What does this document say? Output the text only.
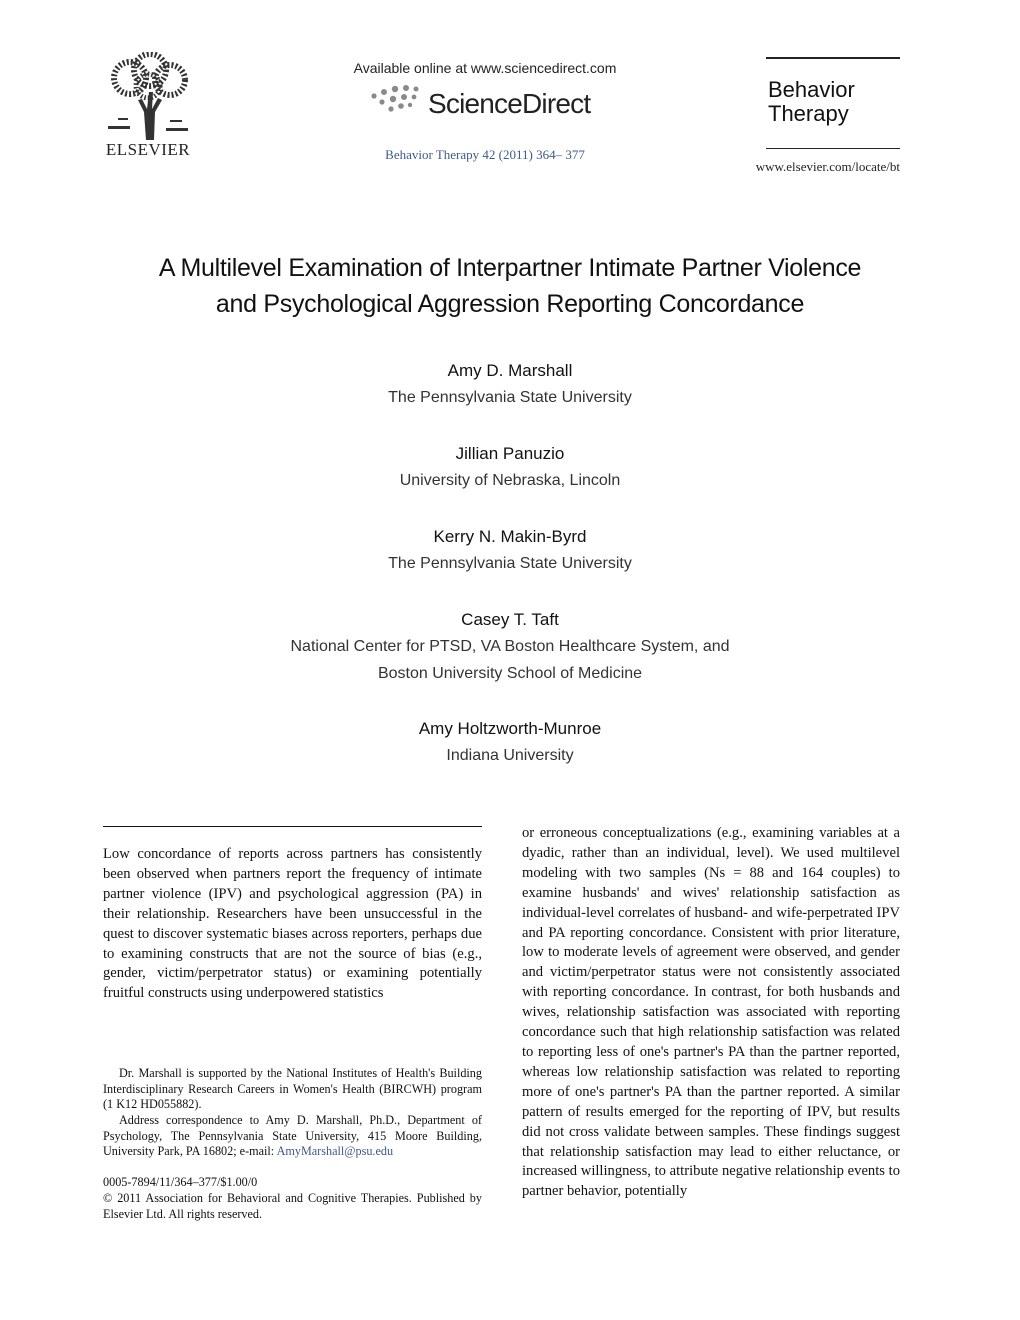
ELSEVIER
Available online at www.sciencedirect.com
ScienceDirect
Behavior Therapy 42 (2011) 364– 377
Behavior
Therapy
www.elsevier.com/locate/bt
A Multilevel Examination of Interpartner Intimate Partner Violence
and Psychological Aggression Reporting Concordance
Amy D. Marshall
The Pennsylvania State University
Jillian Panuzio
University of Nebraska, Lincoln
Kerry N. Makin-Byrd
The Pennsylvania State University
Casey T. Taft
National Center for PTSD, VA Boston Healthcare System, and
Boston University School of Medicine
Amy Holtzworth-Munroe
Indiana University
Low concordance of reports across partners has consistently been observed when partners report the frequency of intimate partner violence (IPV) and psychological aggression (PA) in their relationship. Researchers have been unsuccessful in the quest to discover systematic biases across reporters, perhaps due to examining constructs that are not the source of bias (e.g., gender, victim/perpetrator status) or examining potentially fruitful constructs using underpowered statistics
or erroneous conceptualizations (e.g., examining variables at a dyadic, rather than an individual, level). We used multilevel modeling with two samples (Ns = 88 and 164 couples) to examine husbands' and wives' relationship satisfaction as individual-level correlates of husband- and wife-perpetrated IPV and PA reporting concordance. Consistent with prior literature, low to moderate levels of agreement were observed, and gender and victim/perpetrator status were not consistently associated with reporting concordance. In contrast, for both husbands and wives, relationship satisfaction was associated with reporting concordance such that high relationship satisfaction was related to reporting less of one's partner's PA than the partner reported, whereas low relationship satisfaction was related to reporting more of one's partner's PA than the partner reported. A similar pattern of results emerged for the reporting of IPV, but results did not cross validate between samples. These findings suggest that relationship satisfaction may lead to either reluctance, or increased willingness, to attribute negative relationship events to partner behavior, potentially
Dr. Marshall is supported by the National Institutes of Health's Building Interdisciplinary Research Careers in Women's Health (BIRCWH) program (1 K12 HD055882).
Address correspondence to Amy D. Marshall, Ph.D., Department of Psychology, The Pennsylvania State University, 415 Moore Building, University Park, PA 16802; e-mail: AmyMarshall@psu.edu
0005-7894/11/364–377/$1.00/0
© 2011 Association for Behavioral and Cognitive Therapies. Published by Elsevier Ltd. All rights reserved.
